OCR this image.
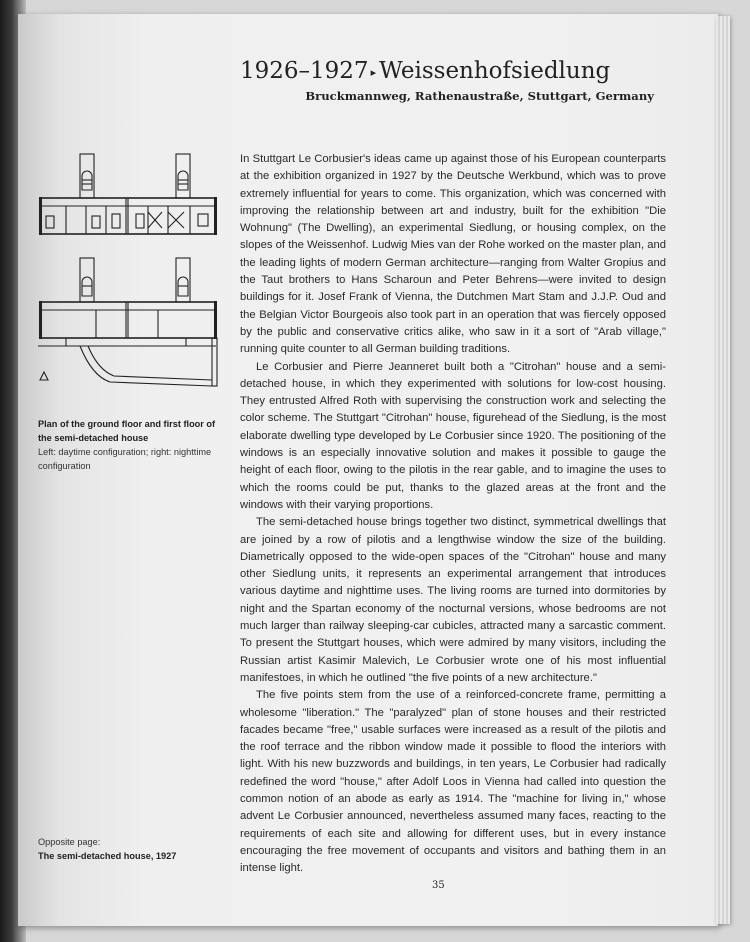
1926–1927 ▸ Weissenhofsiedlung
Bruckmannweg, Rathenaustraße, Stuttgart, Germany
Plan of the ground floor and first floor of the semi-detached house
Left: daytime configuration; right: nighttime configuration
Opposite page:
The semi-detached house, 1927

In Stuttgart Le Corbusier's ideas came up against those of his European counterparts at the exhibition organized in 1927 by the Deutsche Werkbund, which was to prove extremely influential for years to come. This organization, which was concerned with improving the relationship between art and industry, built for the exhibition "Die Wohnung" (The Dwelling), an experimental Siedlung, or housing complex, on the slopes of the Weissenhof. Ludwig Mies van der Rohe worked on the master plan, and the leading lights of modern German architecture—ranging from Walter Gropius and the Taut brothers to Hans Scharoun and Peter Behrens—were invited to design buildings for it. Josef Frank of Vienna, the Dutchmen Mart Stam and J.J.P. Oud and the Belgian Victor Bourgeois also took part in an operation that was fiercely opposed by the public and conservative critics alike, who saw in it a sort of "Arab village," running quite counter to all German building traditions.

Le Corbusier and Pierre Jeanneret built both a "Citrohan" house and a semi-detached house, in which they experimented with solutions for low-cost housing. They entrusted Alfred Roth with supervising the construction work and selecting the color scheme. The Stuttgart "Citrohan" house, figurehead of the Siedlung, is the most elaborate dwelling type developed by Le Corbusier since 1920. The positioning of the windows is an especially innovative solution and makes it possible to gauge the height of each floor, owing to the pilotis in the rear gable, and to imagine the uses to which the rooms could be put, thanks to the glazed areas at the front and the windows with their varying proportions.

The semi-detached house brings together two distinct, symmetrical dwellings that are joined by a row of pilotis and a lengthwise window the size of the building. Diametrically opposed to the wide-open spaces of the "Citrohan" house and many other Siedlung units, it represents an experimental arrangement that introduces various daytime and nighttime uses. The living rooms are turned into dormitories by night and the Spartan economy of the nocturnal versions, whose bedrooms are not much larger than railway sleeping-car cubicles, attracted many a sarcastic comment. To present the Stuttgart houses, which were admired by many visitors, including the Russian artist Kasimir Malevich, Le Corbusier wrote one of his most influential manifestoes, in which he outlined "the five points of a new architecture."

The five points stem from the use of a reinforced-concrete frame, permitting a wholesome "liberation." The "paralyzed" plan of stone houses and their restricted facades became "free," usable surfaces were increased as a result of the pilotis and the roof terrace and the ribbon window made it possible to flood the interiors with light. With his new buzzwords and buildings, in ten years, Le Corbusier had radically redefined the word "house," after Adolf Loos in Vienna had called into question the common notion of an abode as early as 1914. The "machine for living in," whose advent Le Corbusier announced, nevertheless assumed many faces, reacting to the requirements of each site and allowing for different uses, but in every instance encouraging the free movement of occupants and visitors and bathing them in an intense light.

35
